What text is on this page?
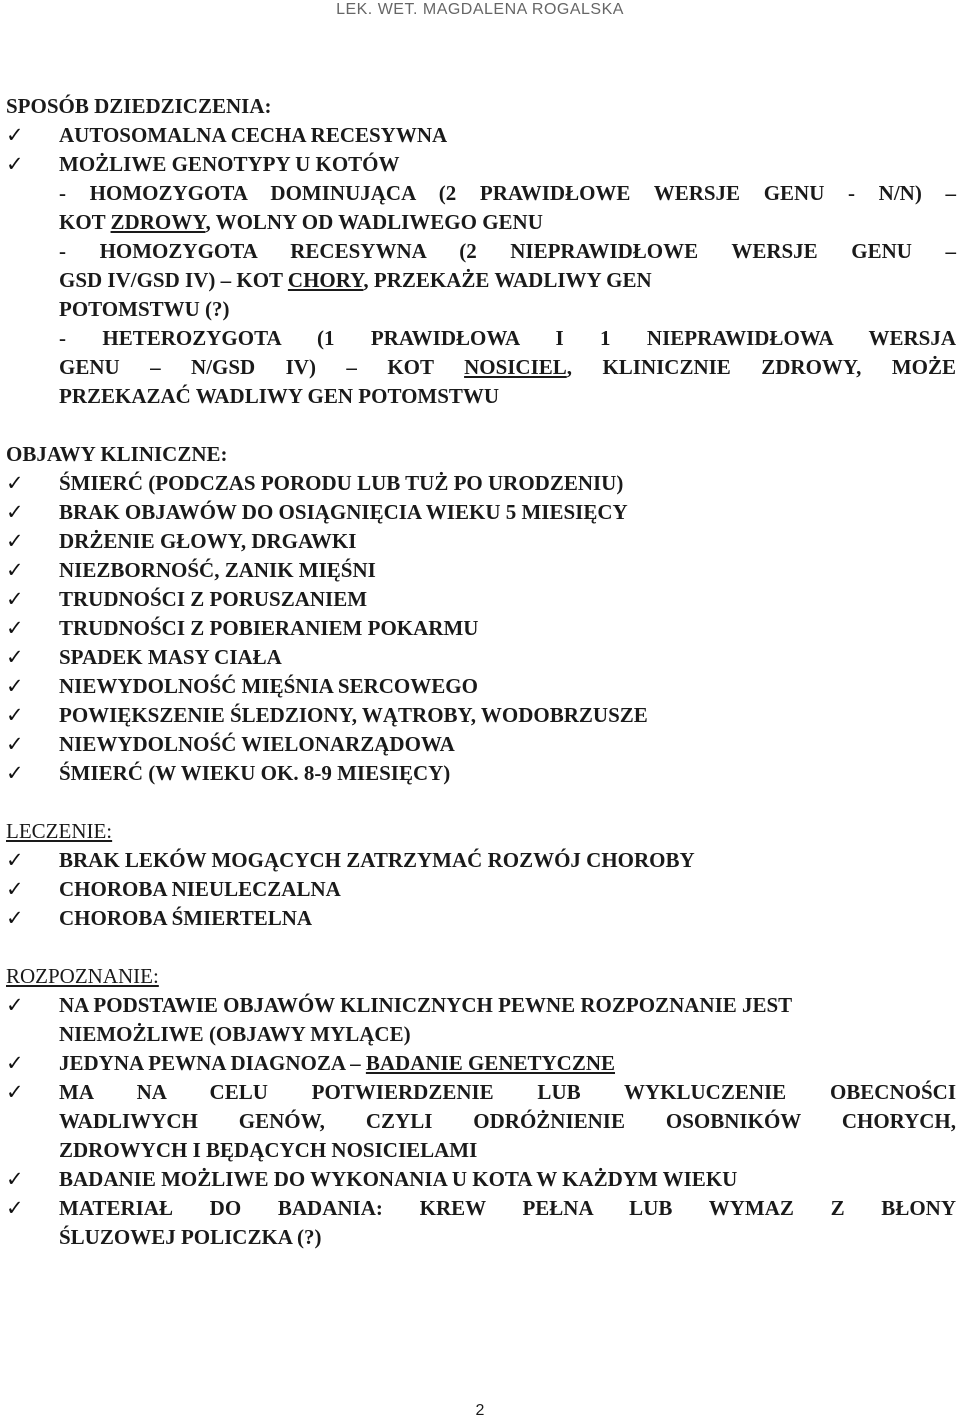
LEK. WET. MAGDALENA ROGALSKA
SPOSÓB DZIEDZICZENIA:
✓	AUTOSOMALNA CECHA RECESYWNA
✓	MOŻLIWE GENOTYPY U KOTÓW
- HOMOZYGOTA DOMINUJĄCA (2 PRAWIDŁOWE WERSJE GENU - N/N) –
KOT ZDROWY, WOLNY OD WADLIWEGO GENU
- HOMOZYGOTA RECESYWNA (2 NIEPRAWIDŁOWE WERSJE GENU –
GSD IV/GSD IV) – KOT CHORY, PRZEKAŻE WADLIWY GEN
POTOMSTWU (?)
- HETEROZYGOTA (1 PRAWIDŁOWA I 1 NIEPRAWIDŁOWA WERSJA
GENU – N/GSD IV) – KOT NOSICIEL, KLINICZNIE ZDROWY, MOŻE
PRZEKAZAĆ WADLIWY GEN POTOMSTWU
OBJAWY KLINICZNE:
✓	ŚMIERĆ (PODCZAS PORODU LUB TUŻ PO URODZENIU)
✓	BRAK OBJAWÓW DO OSIĄGNIĘCIA WIEKU 5 MIESIĘCY
✓	DRŻENIE GŁOWY, DRGAWKI
✓	NIEZBORNOŚĆ, ZANIK MIĘŚNI
✓	TRUDNOŚCI Z PORUSZANIEM
✓	TRUDNOŚCI Z POBIERANIEM POKARMU
✓	SPADEK MASY CIAŁA
✓	NIEWYDOLNOŚĆ MIĘŚNIA SERCOWEGO
✓	POWIĘKSZENIE ŚLEDZIONY, WĄTROBY, WODOBRZUSZE
✓	NIEWYDOLNOŚĆ WIELONARZĄDOWA
✓	ŚMIERĆ (W WIEKU OK. 8-9 MIESIĘCY)
LECZENIE:
✓	BRAK LEKÓW MOGĄCYCH ZATRZYMAĆ ROZWÓJ CHOROBY
✓	CHOROBA NIEULECZALNA
✓	CHOROBA ŚMIERTELNA
ROZPOZNANIE:
✓	NA PODSTAWIE OBJAWÓW KLINICZNYCH PEWNE ROZPOZNANIE JEST
NIEMOŻLIWE (OBJAWY MYLĄCE)
✓	JEDYNA PEWNA DIAGNOZA – BADANIE GENETYCZNE
✓	MA NA CELU POTWIERDZENIE LUB WYKLUCZENIE OBECNOŚCI
WADLIWYCH GENÓW, CZYLI ODRÓŻNIENIE OSOBNIKÓW CHORYCH,
ZDROWYCH I BĘDĄCYCH NOSICIELAMI
✓	BADANIE MOŻLIWE DO WYKONANIA U KOTA W KAŻDYM WIEKU
✓	MATERIAŁ DO BADANIA: KREW PEŁNA LUB WYMAZ Z BŁONY
ŚLUZOWEJ POLICZKA (?)
2
